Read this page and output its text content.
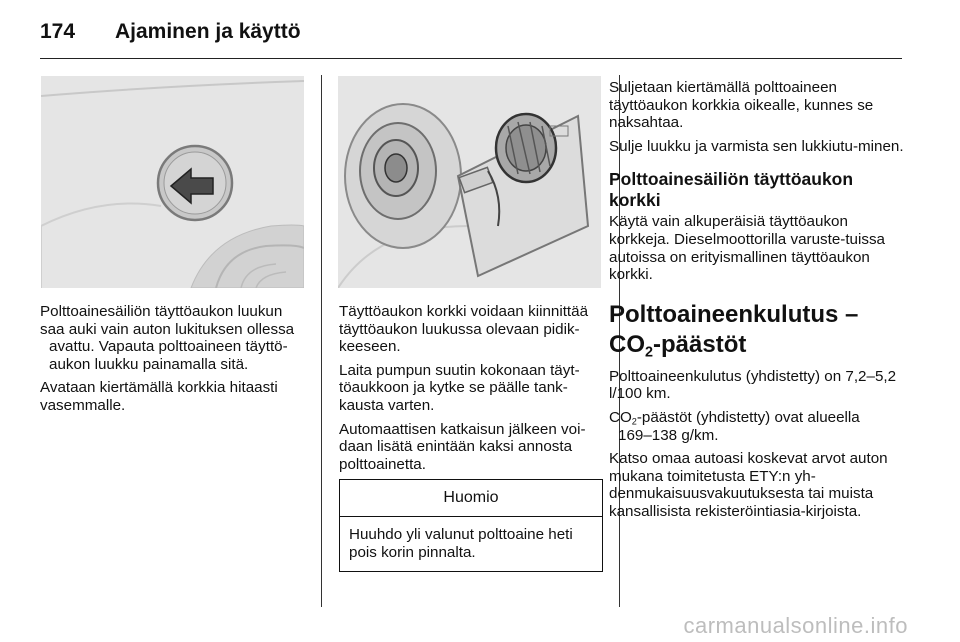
174 Ajaminen ja käyttö

Polttoainesäiliön täyttöaukon luukun
saa auki vain auton lukituksen ollessa
avattu. Vapauta polttoaineen täyttö-aukon luukku painamalla sitä.

Avataan kiertämällä korkkia hitaasti vasemmalle.

Täyttöaukon korkki voidaan kiinnittää täyttöaukon luukussa olevaan pidik-keeseen.

Laita pumpun suutin kokonaan täyt-töaukkoon ja kytke se päälle tank-kausta varten.

Automaattisen katkaisun jälkeen voi-daan lisätä enintään kaksi annosta polttoainetta.

Huomio
Huuhdo yli valunut polttoaine heti pois korin pinnalta.

Suljetaan kiertämällä polttoaineen täyttöaukon korkkia oikealle, kunnes se naksahtaa.

Sulje luukku ja varmista sen lukkiutu-minen.

Polttoainesäiliön täyttöaukon korkki

Käytä vain alkuperäisiä täyttöaukon korkkeja. Dieselmoottorilla varuste-tuissa autoissa on erityismallinen täyttöaukon korkki.

Polttoaineenkulutus –
$CO_2$-päästöt

Polttoaineenkulutus (yhdistetty) on 7,2–5,2 l/100 km.

$CO_2$-päästöt (yhdistetty) ovat alueella
169–138 g/km.

Katso omaa autoasi koskevat arvot auton mukana toimitetusta ETY:n yh-denmukaisuusvakuutuksesta tai muista kansallisista rekisteröintiasia-kirjoista.

carmanualsonline.info
